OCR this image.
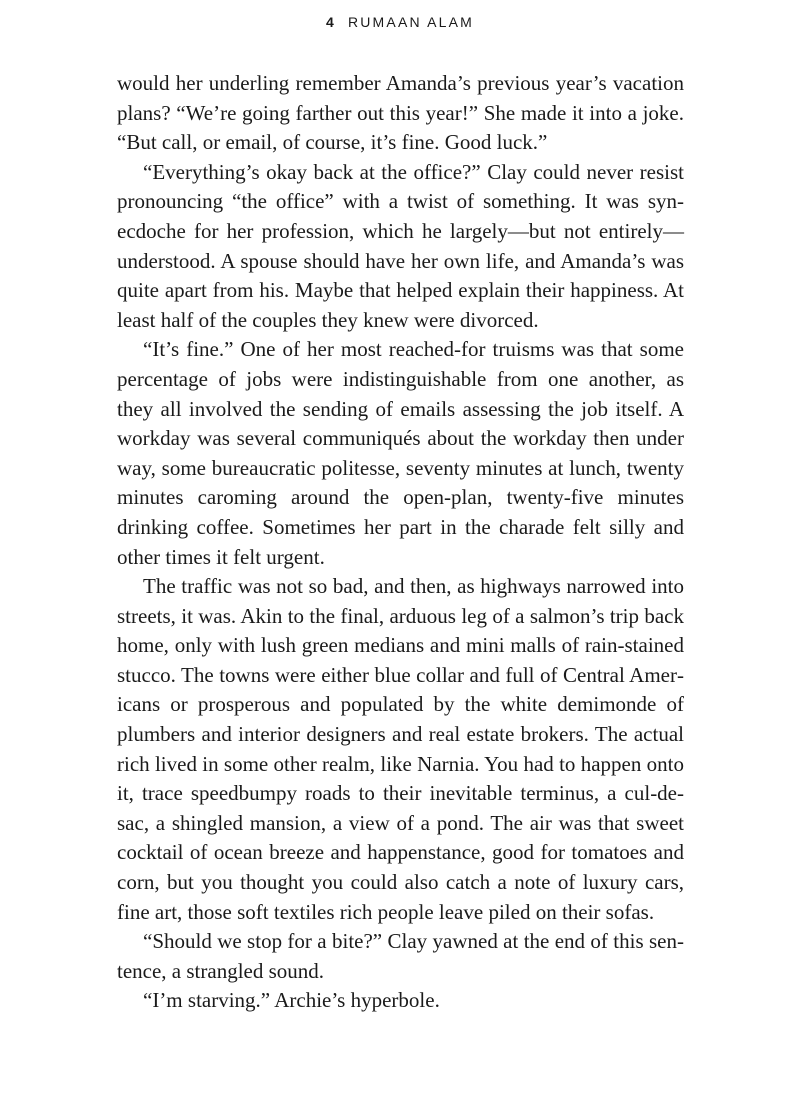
4 RUMAAN ALAM

would her underling remember Amanda’s previous year’s vacation plans? “We’re going farther out this year!” She made it into a joke. “But call, or email, of course, it’s fine. Good luck.”

“Everything’s okay back at the office?” Clay could never resist pronouncing “the office” with a twist of something. It was synecdoche for her profession, which he largely—but not entirely—understood. A spouse should have her own life, and Amanda’s was quite apart from his. Maybe that helped explain their happiness. At least half of the couples they knew were divorced.

“It’s fine.” One of her most reached-for truisms was that some percentage of jobs were indistinguishable from one another, as they all involved the sending of emails assessing the job itself. A workday was several communiqués about the workday then under way, some bureaucratic politesse, seventy minutes at lunch, twenty minutes caroming around the open-plan, twenty-five minutes drinking coffee. Sometimes her part in the charade felt silly and other times it felt urgent.

The traffic was not so bad, and then, as highways narrowed into streets, it was. Akin to the final, arduous leg of a salmon’s trip back home, only with lush green medians and mini malls of rain-stained stucco. The towns were either blue collar and full of Central Americans or prosperous and populated by the white demimonde of plumbers and interior designers and real estate brokers. The actual rich lived in some other realm, like Narnia. You had to happen onto it, trace speedbumpy roads to their inevitable terminus, a cul-de-sac, a shingled mansion, a view of a pond. The air was that sweet cocktail of ocean breeze and happenstance, good for tomatoes and corn, but you thought you could also catch a note of luxury cars, fine art, those soft textiles rich people leave piled on their sofas.

“Should we stop for a bite?” Clay yawned at the end of this sentence, a strangled sound.

“I’m starving.” Archie’s hyperbole.
